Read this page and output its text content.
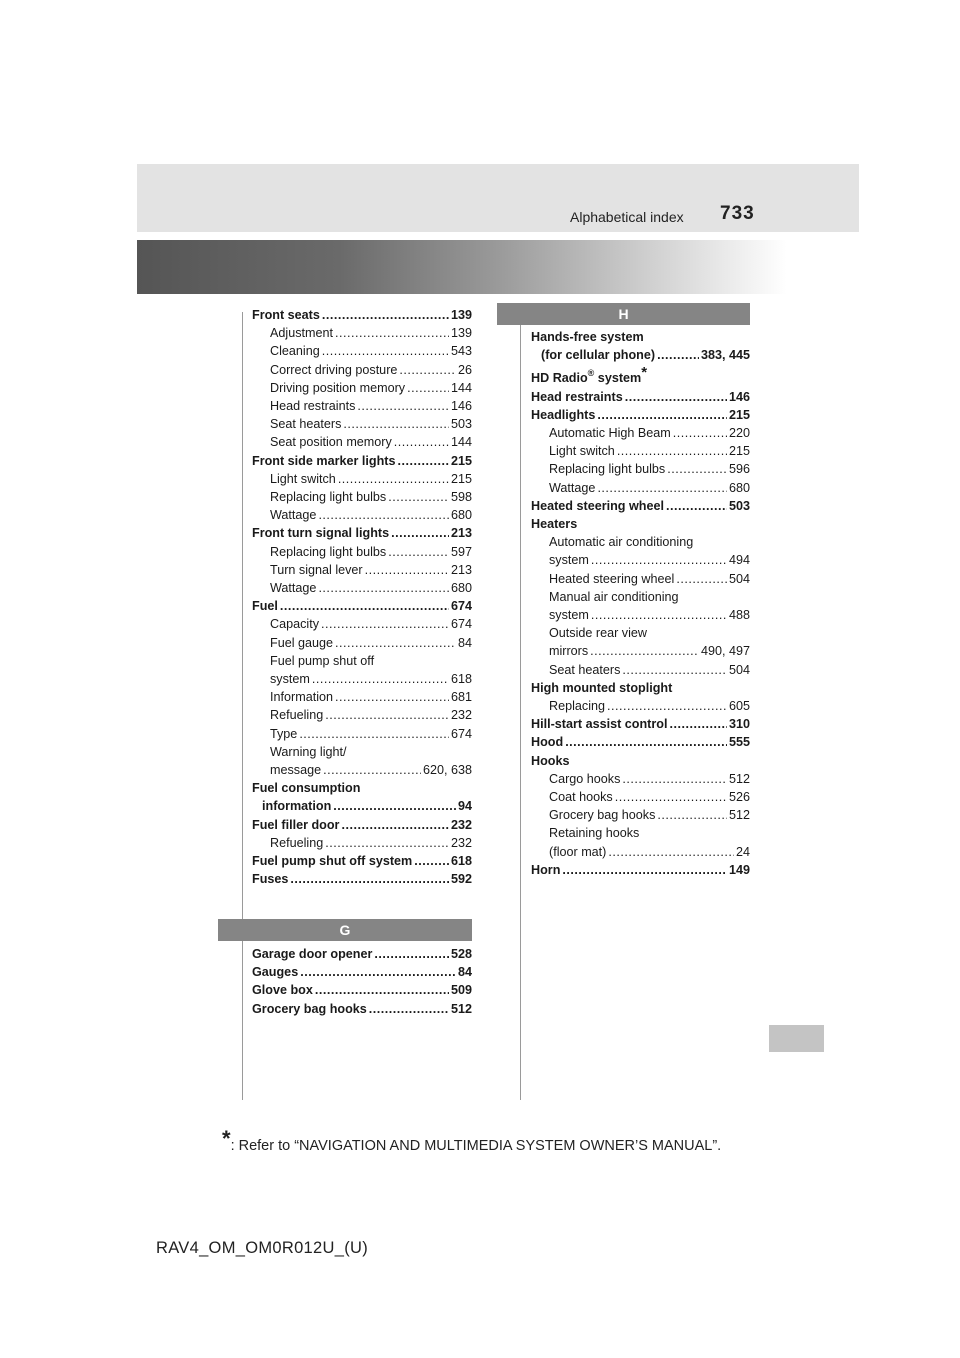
Alphabetical index 733
Front seats .....	139
Adjustment .....	139
Cleaning .....	543
Correct driving posture .....	26
Driving position memory .....	144
Head restraints .....	146
Seat heaters .....	503
Seat position memory .....	144
Front side marker lights .....	215
Light switch .....	215
Replacing light bulbs .....	598
Wattage .....	680
Front turn signal lights .....	213
Replacing light bulbs .....	597
Turn signal lever .....	213
Wattage .....	680
Fuel .....	674
Capacity .....	674
Fuel gauge .....	84
Fuel pump shut off
system .....	618
Information .....	681
Refueling .....	232
Type .....	674
Warning light/
message .....	620, 638
Fuel consumption
information .....	94
Fuel filler door .....	232
Refueling .....	232
Fuel pump shut off system .....	618
Fuses .....	592
G
Garage door opener .....	528
Gauges .....	84
Glove box .....	509
Grocery bag hooks .....	512
H
Hands-free system
(for cellular phone) .....	383, 445
HD Radio® system*
Head restraints .....	146
Headlights .....	215
Automatic High Beam .....	220
Light switch .....	215
Replacing light bulbs .....	596
Wattage .....	680
Heated steering wheel .....	503
Heaters
Automatic air conditioning
system .....	494
Heated steering wheel .....	504
Manual air conditioning
system .....	488
Outside rear view
mirrors .....	490, 497
Seat heaters .....	504
High mounted stoplight
Replacing .....	605
Hill-start assist control .....	310
Hood .....	555
Hooks
Cargo hooks .....	512
Coat hooks .....	526
Grocery bag hooks .....	512
Retaining hooks
(floor mat) .....	24
Horn .....	149
*: Refer to “NAVIGATION AND MULTIMEDIA SYSTEM OWNER’S MANUAL”.
RAV4_OM_OM0R012U_(U)
